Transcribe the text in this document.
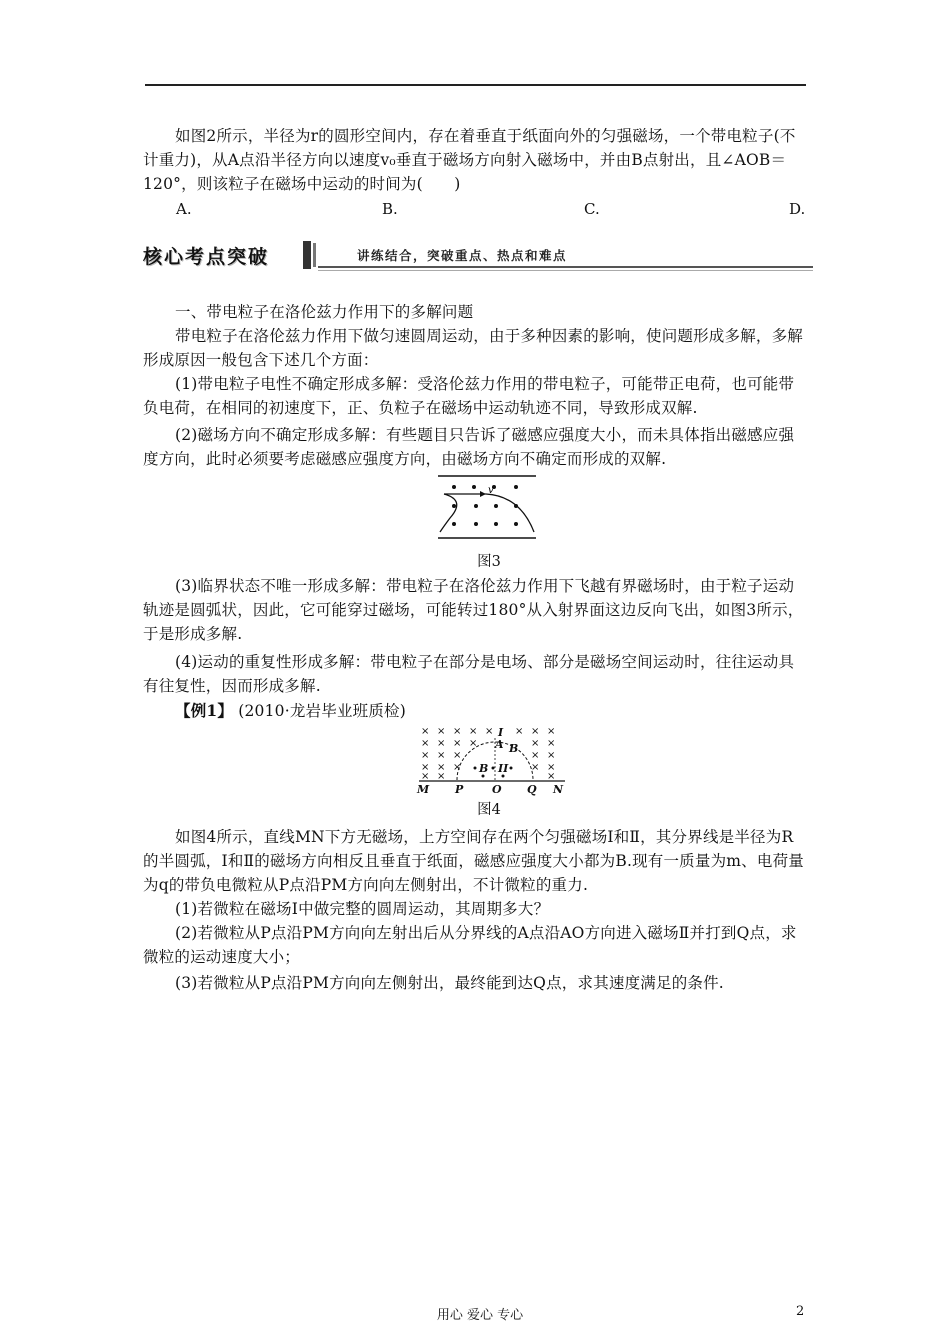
如图2所示，半径为r的圆形空间内，存在着垂直于纸面向外的匀强磁场，一个带电粒子(不计重力)，从A点沿半径方向以速度v₀垂直于磁场方向射入磁场中，并由B点射出，且∠AOB＝120°，则该粒子在磁场中运动的时间为(　　)

A.	B.	C.	D.
核心考点突破	讲练结合，突破重点、热点和难点

一、带电粒子在洛伦兹力作用下的多解问题

带电粒子在洛伦兹力作用下做匀速圆周运动，由于多种因素的影响，使问题形成多解，多解形成原因一般包含下述几个方面：

(1)带电粒子电性不确定形成多解：受洛伦兹力作用的带电粒子，可能带正电荷，也可能带负电荷，在相同的初速度下，正、负粒子在磁场中运动轨迹不同，导致形成双解.

(2)磁场方向不确定形成多解：有些题目只告诉了磁感应强度大小，而未具体指出磁感应强度方向，此时必须要考虑磁感应强度方向，由磁场方向不确定而形成的双解.

v
图3

(3)临界状态不唯一形成多解：带电粒子在洛伦兹力作用下飞越有界磁场时，由于粒子运动轨迹是圆弧状，因此，它可能穿过磁场，可能转过180°从入射界面这边反向飞出，如图3所示，于是形成多解.

(4)运动的重复性形成多解：带电粒子在部分是电场、部分是磁场空间运动时，往往运动具有往复性，因而形成多解.

【例1】 (2010·龙岩毕业班质检)

× × × × × × × ×
× × × ×	× ×
× × ×	× ×
× × ×	× ×
× ×	×
I
II
A B
B
M P	O Q N
图4

如图4所示，直线MN下方无磁场，上方空间存在两个匀强磁场Ⅰ和Ⅱ，其分界线是半径为R的半圆弧，Ⅰ和Ⅱ的磁场方向相反且垂直于纸面，磁感应强度大小都为B.现有一质量为m、电荷量为q的带负电微粒从P点沿PM方向向左侧射出，不计微粒的重力.

(1)若微粒在磁场Ⅰ中做完整的圆周运动，其周期多大？

(2)若微粒从P点沿PM方向向左射出后从分界线的A点沿AO方向进入磁场Ⅱ并打到Q点，求微粒的运动速度大小；

(3)若微粒从P点沿PM方向向左侧射出，最终能到达Q点，求其速度满足的条件.

用心 爱心 专心	2
